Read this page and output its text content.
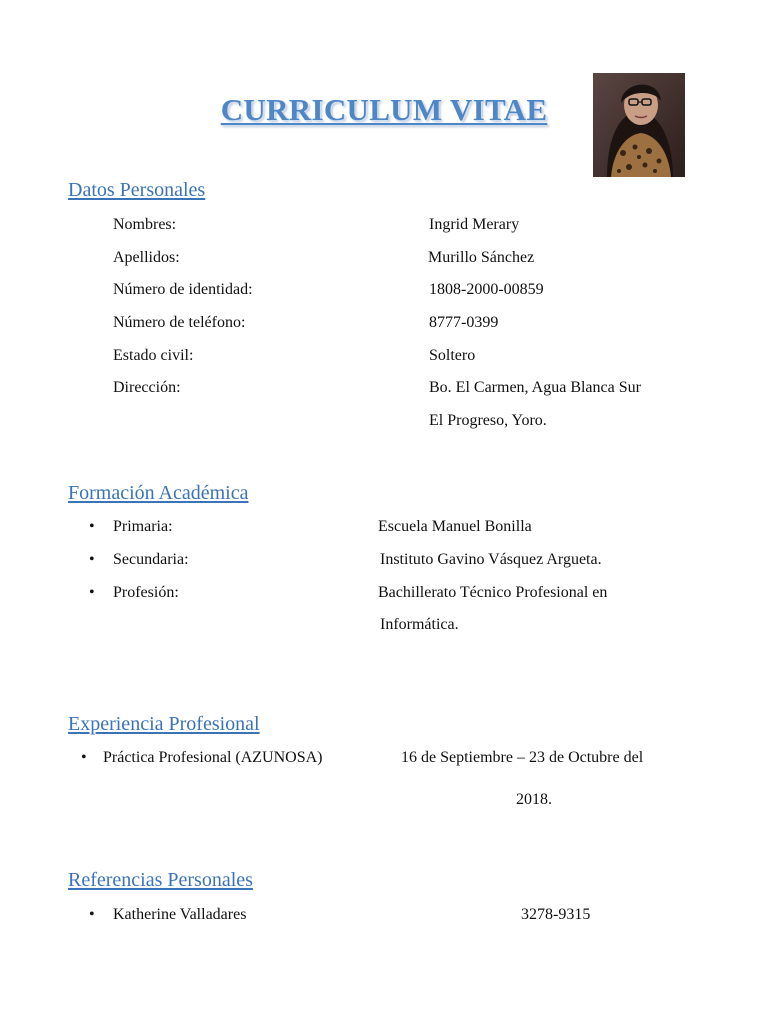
CURRICULUM VITAE
Datos Personales
Nombres:	Ingrid Merary
Apellidos:	Murillo Sánchez
Número de identidad:	1808-2000-00859
Número de teléfono:	8777-0399
Estado civil:	Soltero
Dirección:	Bo. El Carmen, Agua Blanca Sur
El Progreso, Yoro.
Formación Académica
•
Primaria:	Escuela Manuel Bonilla
•
Secundaria:	Instituto Gavino Vásquez Argueta.
•
Profesión:	Bachillerato Técnico Profesional en
Informática.
Experiencia Profesional
•
Práctica Profesional (AZUNOSA)	16 de Septiembre – 23 de Octubre del
2018.
Referencias Personales
•
Katherine Valladares	3278-9315
